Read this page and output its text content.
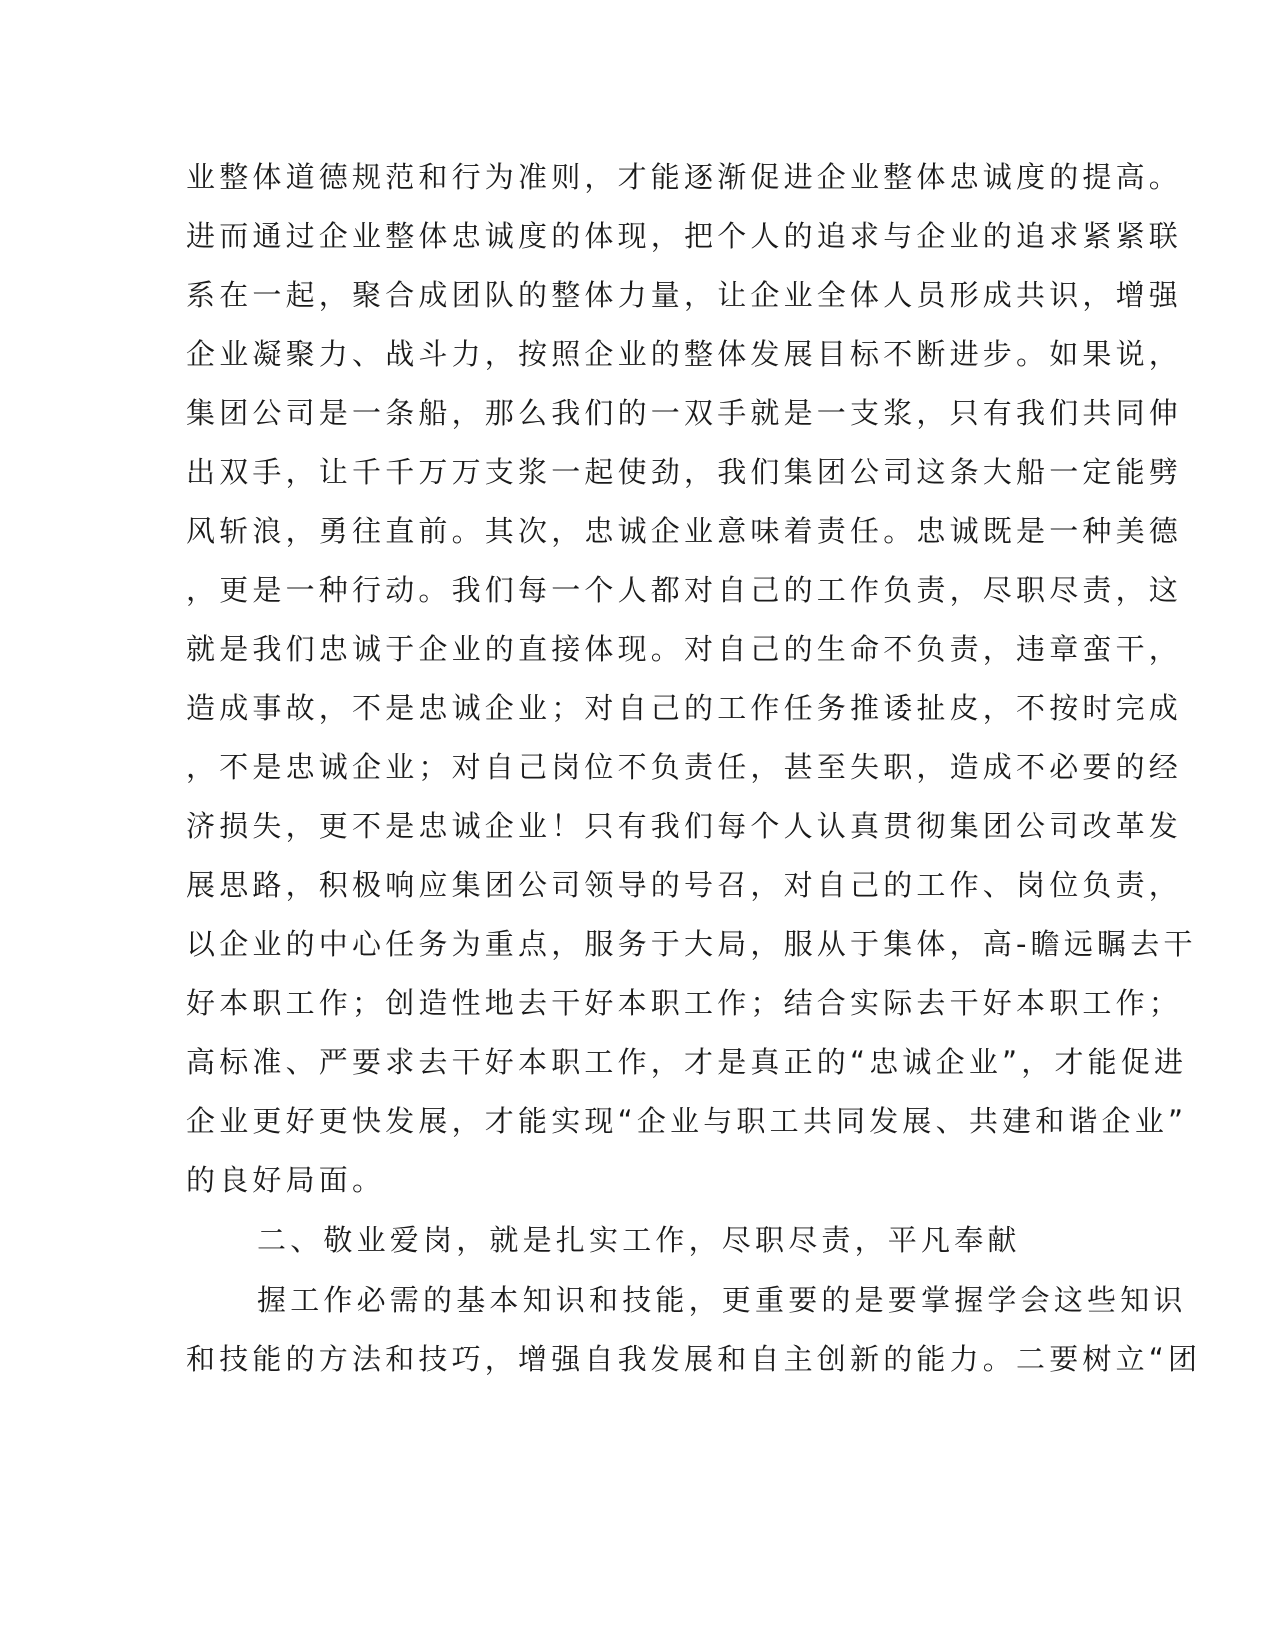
业整体道德规范和行为准则，才能逐渐促进企业整体忠诚度的提高。
进而通过企业整体忠诚度的体现，把个人的追求与企业的追求紧紧联
系在一起，聚合成团队的整体力量，让企业全体人员形成共识，增强
企业凝聚力、战斗力，按照企业的整体发展目标不断进步。如果说，
集团公司是一条船，那么我们的一双手就是一支浆，只有我们共同伸
出双手，让千千万万支浆一起使劲，我们集团公司这条大船一定能劈
风斩浪，勇往直前。其次，忠诚企业意味着责任。忠诚既是一种美德
，更是一种行动。我们每一个人都对自己的工作负责，尽职尽责，这
就是我们忠诚于企业的直接体现。对自己的生命不负责，违章蛮干，
造成事故，不是忠诚企业；对自己的工作任务推诿扯皮，不按时完成
，不是忠诚企业；对自己岗位不负责任，甚至失职，造成不必要的经
济损失，更不是忠诚企业！只有我们每个人认真贯彻集团公司改革发
展思路，积极响应集团公司领导的号召，对自己的工作、岗位负责，
以企业的中心任务为重点，服务于大局，服从于集体，高-瞻远瞩去干
好本职工作；创造性地去干好本职工作；结合实际去干好本职工作；
高标准、严要求去干好本职工作，才是真正的“忠诚企业”，才能促进
企业更好更快发展，才能实现“企业与职工共同发展、共建和谐企业”
的良好局面。
二、敬业爱岗，就是扎实工作，尽职尽责，平凡奉献
握工作必需的基本知识和技能，更重要的是要掌握学会这些知识
和技能的方法和技巧，增强自我发展和自主创新的能力。二要树立“团
